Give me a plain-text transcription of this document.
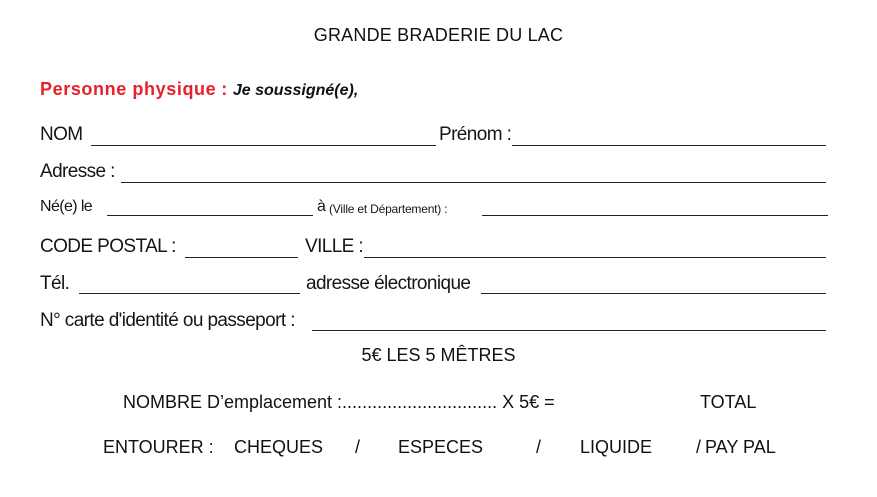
GRANDE BRADERIE DU LAC
Personne physique : Je soussigné(e),
NOM	Prénom :
Adresse :
Né(e) le	à (Ville et Département) :
CODE POSTAL :	VILLE :
Tél.	adresse électronique
N° carte d'identité ou passeport :
5€ LES 5 MÊTRES
NOMBRE D’emplacement :............................... X 5€ =	TOTAL
ENTOURER : CHEQUES / ESPECES	/ LIQUIDE / PAY PAL
